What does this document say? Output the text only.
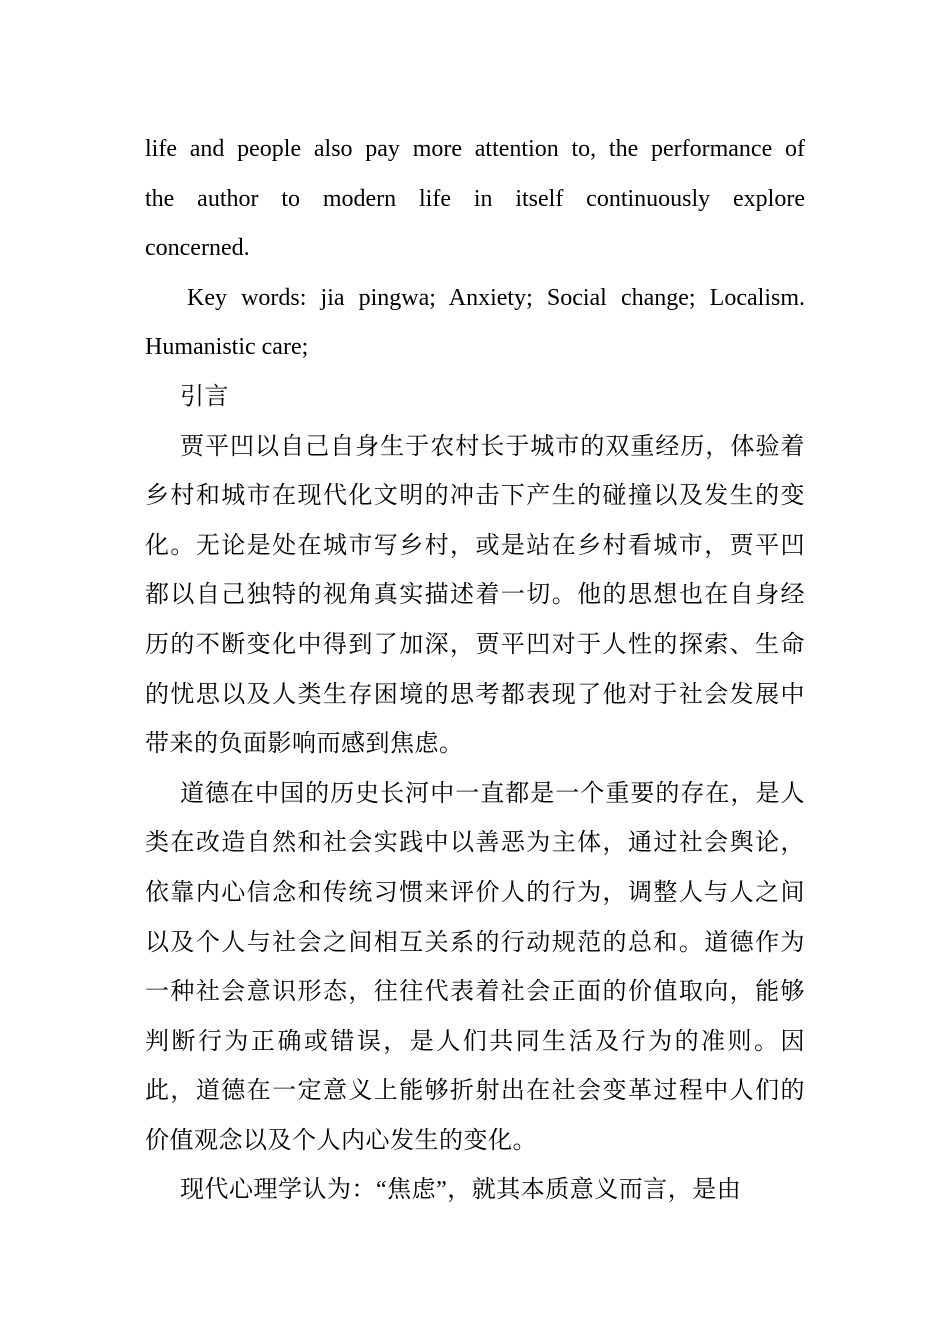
life and people also pay more attention to, the performance of
the author to modern life in itself continuously explore
concerned.
Key words: jia pingwa; Anxiety; Social change; Localism.
Humanistic care;

引言

贾平凹以自己自身生于农村长于城市的双重经历，体验着乡村和城市在现代化文明的冲击下产生的碰撞以及发生的变化。无论是处在城市写乡村，或是站在乡村看城市，贾平凹都以自己独特的视角真实描述着一切。他的思想也在自身经历的不断变化中得到了加深，贾平凹对于人性的探索、生命的忧思以及人类生存困境的思考都表现了他对于社会发展中带来的负面影响而感到焦虑。

道德在中国的历史长河中一直都是一个重要的存在，是人类在改造自然和社会实践中以善恶为主体，通过社会舆论，依靠内心信念和传统习惯来评价人的行为，调整人与人之间以及个人与社会之间相互关系的行动规范的总和。道德作为一种社会意识形态，往往代表着社会正面的价值取向，能够判断行为正确或错误，是人们共同生活及行为的准则。因此，道德在一定意义上能够折射出在社会变革过程中人们的价值观念以及个人内心发生的变化。

现代心理学认为：“焦虑”，就其本质意义而言，是由
